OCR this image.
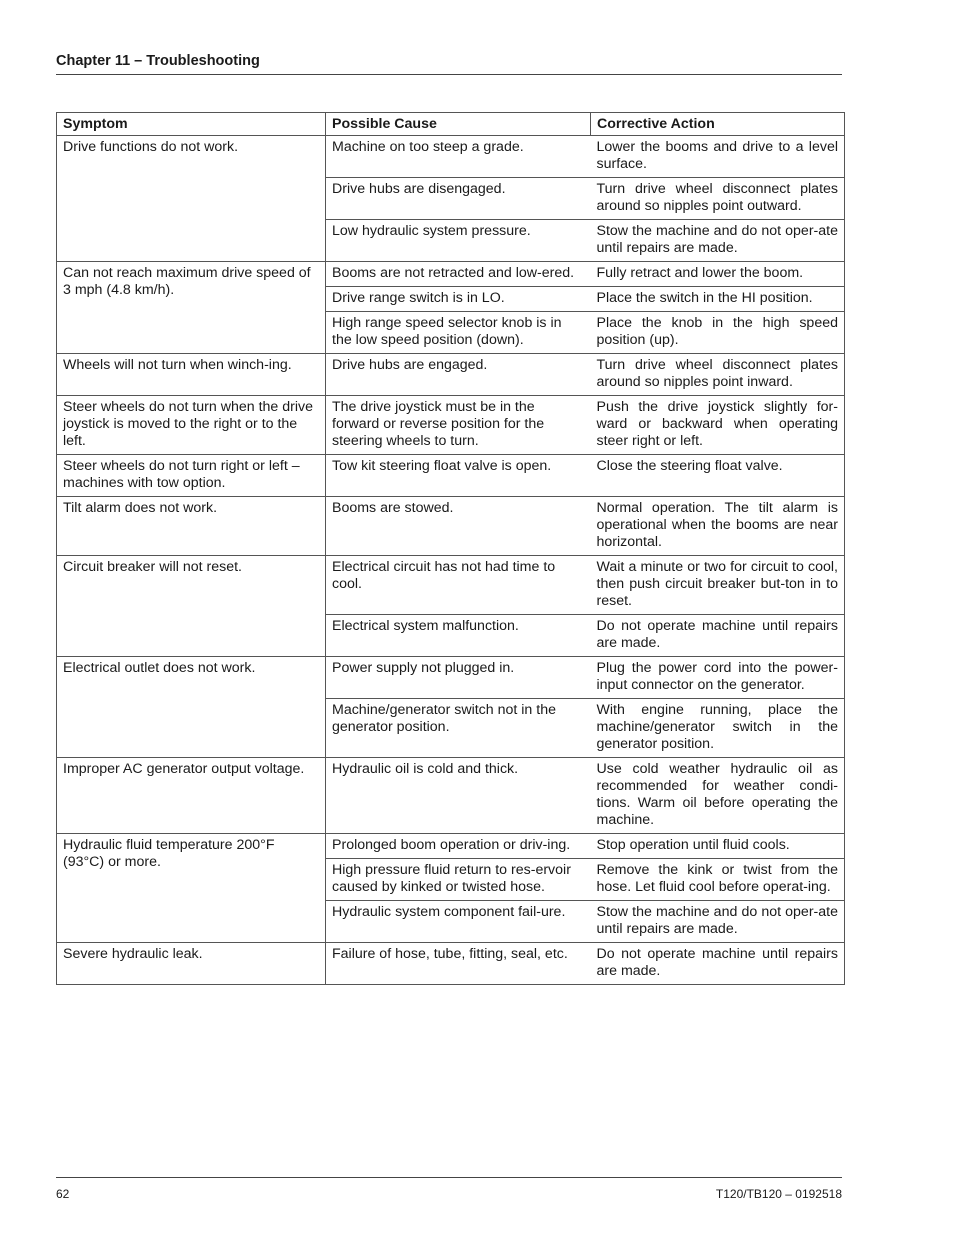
Chapter 11 – Troubleshooting
Symptom	Possible Cause	Corrective Action
Drive functions do not work.	Machine on too steep a grade.	Lower the booms and drive to a level surface.
	Drive hubs are disengaged.	Turn drive wheel disconnect plates around so nipples point outward.
	Low hydraulic system pressure.	Stow the machine and do not oper-ate until repairs are made.
Can not reach maximum drive speed of 3 mph (4.8 km/h).	Booms are not retracted and low-ered.	Fully retract and lower the boom.
	Drive range switch is in LO.	Place the switch in the HI position.
	High range speed selector knob is in the low speed position (down).	Place the knob in the high speed position (up).
Wheels will not turn when winch-ing.	Drive hubs are engaged.	Turn drive wheel disconnect plates around so nipples point inward.
Steer wheels do not turn when the drive joystick is moved to the right or to the left.	The drive joystick must be in the forward or reverse position for the steering wheels to turn.	Push the drive joystick slightly for-ward or backward when operating steer right or left.
Steer wheels do not turn right or left – machines with tow option.	Tow kit steering float valve is open.	Close the steering float valve.
Tilt alarm does not work.	Booms are stowed.	Normal operation. The tilt alarm is operational when the booms are near horizontal.
Circuit breaker will not reset.	Electrical circuit has not had time to cool.	Wait a minute or two for circuit to cool, then push circuit breaker but-ton in to reset.
	Electrical system malfunction.	Do not operate machine until repairs are made.
Electrical outlet does not work.	Power supply not plugged in.	Plug the power cord into the power-input connector on the generator.
	Machine/generator switch not in the generator position.	With engine running, place the machine/generator switch in the generator position.
Improper AC generator output voltage.	Hydraulic oil is cold and thick.	Use cold weather hydraulic oil as recommended for weather condi-tions. Warm oil before operating the machine.
Hydraulic fluid temperature 200°F (93°C) or more.	Prolonged boom operation or driv-ing.	Stop operation until fluid cools.
	High pressure fluid return to res-ervoir caused by kinked or twisted hose.	Remove the kink or twist from the hose. Let fluid cool before operat-ing.
	Hydraulic system component fail-ure.	Stow the machine and do not oper-ate until repairs are made.
Severe hydraulic leak.	Failure of hose, tube, fitting, seal, etc.	Do not operate machine until repairs are made.
62	T120/TB120 – 0192518
